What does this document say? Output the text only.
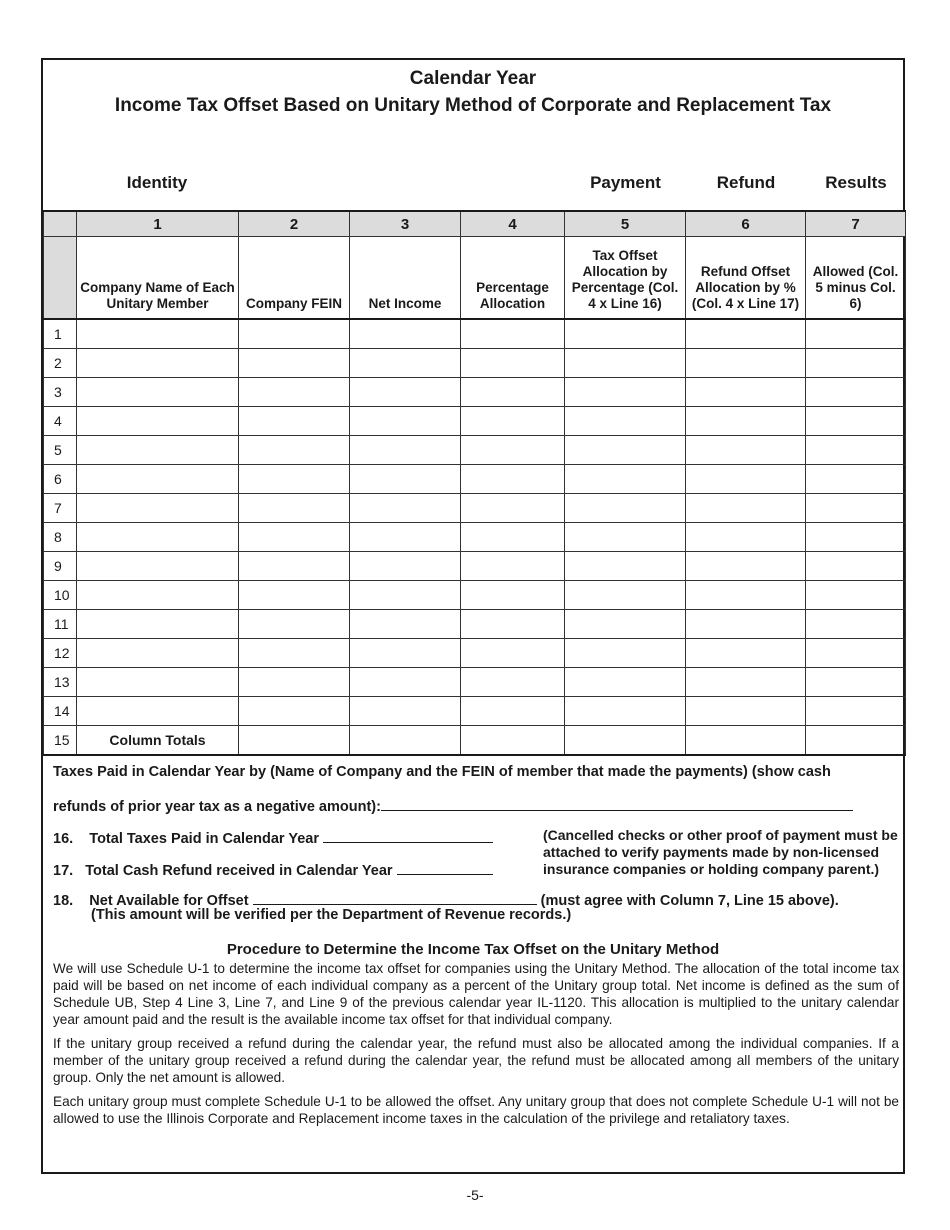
Calendar Year
Income Tax Offset Based on Unitary Method of Corporate and Replacement Tax
Identity	Payment	Refund	Results
	1	2	3	4	5	6	7
	Company Name of Each Unitary Member	Company FEIN	Net Income	Percentage Allocation	Tax Offset Allocation by Percentage (Col. 4 x Line 16)	Refund Offset Allocation by % (Col. 4 x Line 17)	Allowed (Col. 5 minus Col. 6)
1							
2							
3							
4							
5							
6							
7							
8							
9							
10							
11							
12							
13							
14							
15	Column Totals						
Taxes Paid in Calendar Year by (Name of Company and the FEIN of member that made the payments) (show cash
refunds of prior year tax as a negative amount):
16. Total Taxes Paid in Calendar Year
17. Total Cash Refund received in Calendar Year
(Cancelled checks or other proof of payment must be attached to verify payments made by non-licensed insurance companies or holding company parent.)
18. Net Available for Offset	(must agree with Column 7, Line 15 above).
(This amount will be verified per the Department of Revenue records.)
Procedure to Determine the Income Tax Offset on the Unitary Method
We will use Schedule U-1 to determine the income tax offset for companies using the Unitary Method. The allocation of the total income tax paid will be based on net income of each individual company as a percent of the Unitary group total. Net income is defined as the sum of Schedule UB, Step 4 Line 3, Line 7, and Line 9 of the previous calendar year IL-1120. This allocation is multiplied to the unitary calendar year amount paid and the result is the available income tax offset for that individual company.
If the unitary group received a refund during the calendar year, the refund must also be allocated among the individual companies. If a member of the unitary group received a refund during the calendar year, the refund must be allocated among all members of the unitary group. Only the net amount is allowed.
Each unitary group must complete Schedule U-1 to be allowed the offset. Any unitary group that does not complete Schedule U-1 will not be allowed to use the Illinois Corporate and Replacement income taxes in the calculation of the privilege and retaliatory taxes.
-5-
